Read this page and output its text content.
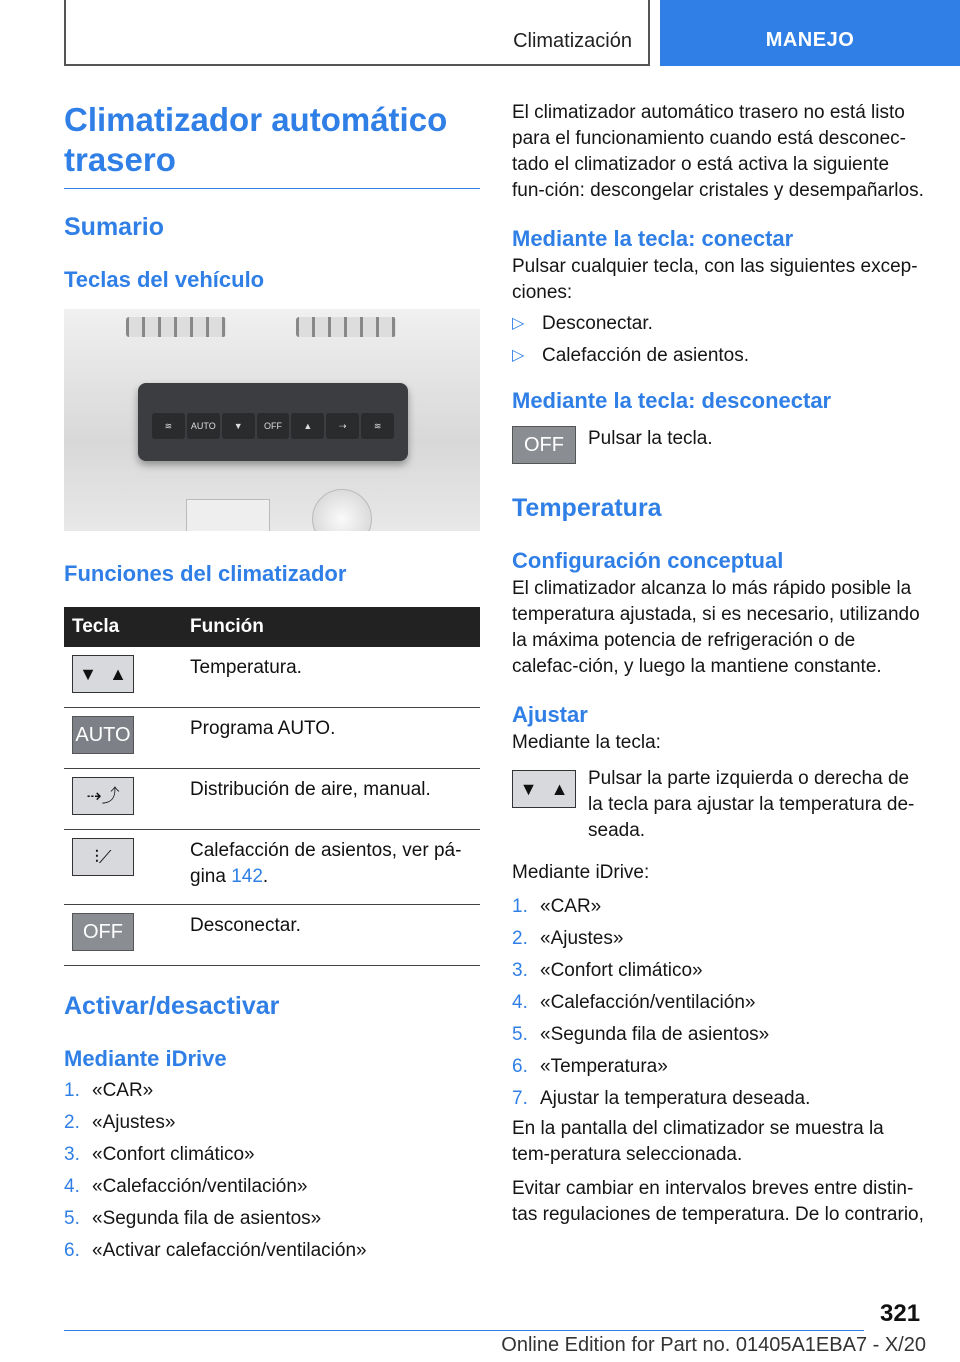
Climatización	MANEJO
Climatizador automático trasero
Sumario
Teclas del vehículo
≋	AUTO	▼	OFF	▲	⇢	≋
Funciones del climatizador
Tecla	Función

▼ ▲	Temperatura.

AUTO	Programa AUTO.

⇢⤴	Distribución de aire, manual.

⫶⟋	Calefacción de asientos, ver pá-gina 142.

OFF	Desconectar.
Activar/desactivar
Mediante iDrive
1. «CAR»
2. «Ajustes»
3. «Confort climático»
4. «Calefacción/ventilación»
5. «Segunda fila de asientos»
6. «Activar calefacción/ventilación»

El climatizador automático trasero no está listo para el funcionamiento cuando está desconec-tado el climatizador o está activa la siguiente fun-ción: descongelar cristales y desempañarlos.

Mediante la tecla: conectar

Pulsar cualquier tecla, con las siguientes excep-ciones:

▷ Desconectar.
▷ Calefacción de asientos.
Mediante la tecla: desconectar
OFF	Pulsar la tecla.

Temperatura
Configuración conceptual

El climatizador alcanza lo más rápido posible la temperatura ajustada, si es necesario, utilizando la máxima potencia de refrigeración o de calefac-ción, y luego la mantiene constante.

Ajustar

Mediante la tecla:

▼ ▲	Pulsar la parte izquierda o derecha de la tecla para ajustar la temperatura de-seada.

Mediante iDrive:

1. «CAR»
2. «Ajustes»
3. «Confort climático»
4. «Calefacción/ventilación»
5. «Segunda fila de asientos»
6. «Temperatura»
7. Ajustar la temperatura deseada.

En la pantalla del climatizador se muestra la tem-peratura seleccionada.

Evitar cambiar en intervalos breves entre distin-tas regulaciones de temperatura. De lo contrario,

321
Online Edition for Part no. 01405A1EBA7 - X/20
